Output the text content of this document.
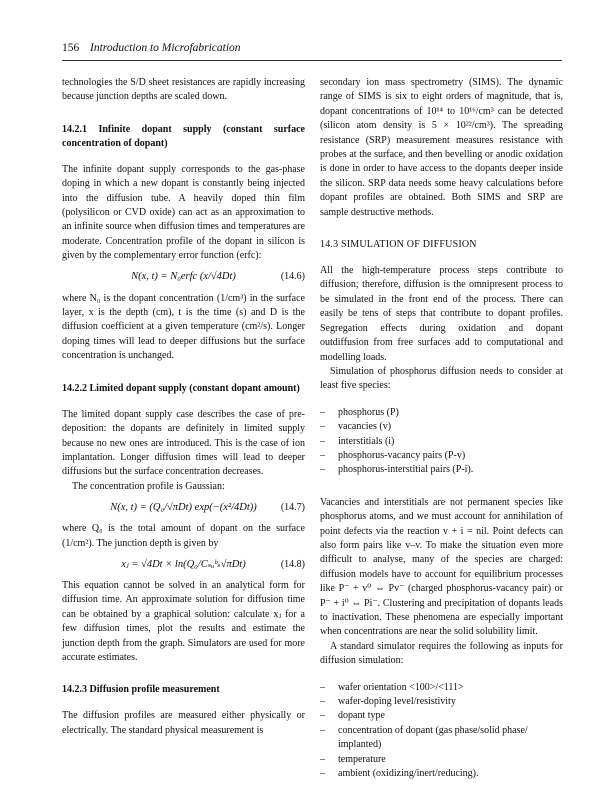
156 Introduction to Microfabrication

technologies the S/D sheet resistances are rapidly increasing because junction depths are scaled down.

14.2.1 Infinite dopant supply (constant surface concentration of dopant)

The infinite dopant supply corresponds to the gas-phase doping in which a new dopant is constantly being injected into the diffusion tube. A heavily doped thin film (polysilicon or CVD oxide) can act as an approximation to an infinite source when diffusion times and temperatures are moderate. Concentration profile of the dopant in silicon is given by the complementary error function (erfc):

N(x, t) = N₀erfc (x/√4Dt)	(14.6)

where N₀ is the dopant concentration (1/cm³) in the surface layer, x is the depth (cm), t is the time (s) and D is the diffusion coefficient at a given temperature (cm²/s). Longer doping times will lead to deeper diffusions but the surface concentration is unchanged.

14.2.2 Limited dopant supply (constant dopant amount)

The limited dopant supply case describes the case of pre-deposition: the dopants are definitely in limited supply because no new ones are introduced. This is the case of ion implantation. Longer diffusion times will lead to deeper diffusions but the surface concentration decreases.

The concentration profile is Gaussian:

N(x, t) = (Q₀/√πDt) exp(−(x²/4Dt)) (14.7)

where Q₀ is the total amount of dopant on the surface (1/cm²). The junction depth is given by

xⱼ = √4Dt × ln(Q₀/Cₛᵤᵇₛ√πDt)	(14.8)

This equation cannot be solved in an analytical form for diffusion time. An approximate solution for diffusion time can be obtained by a graphical solution: calculate xⱼ for a few diffusion times, plot the results and estimate the junction depth from the graph. Simulators are used for more accurate estimates.

14.2.3 Diffusion profile measurement

The diffusion profiles are measured either physically or electrically. The standard physical measurement is

secondary ion mass spectrometry (SIMS). The dynamic range of SIMS is six to eight orders of magnitude, that is, dopant concentrations of 10¹⁴ to 10¹⁶/cm³ can be detected (silicon atom density is 5 × 10²²/cm³). The spreading resistance (SRP) measurement measures resistance with probes at the surface, and then bevelling or anodic oxidation is done in order to have access to the dopants deeper inside the silicon. SRP data needs some heavy calculations before dopant profiles are obtained. Both SIMS and SRP are sample destructive methods.

14.3 SIMULATION OF DIFFUSION

All the high-temperature process steps contribute to diffusion; therefore, diffusion is the omnipresent process to be simulated in the front end of the process. There can easily be tens of steps that contribute to dopant profiles. Segregation effects during oxidation and dopant outdiffusion from free surfaces add to computational and modelling loads.

Simulation of phosphorus diffusion needs to consider at least five species:

– phosphorus (P)
– vacancies (v)
– interstitials (i)
– phosphorus-vacancy pairs (P-v)
– phosphorus-interstitial pairs (P-i).

Vacancies and interstitials are not permanent species like phosphorus atoms, and we must account for annihilation of point defects via the reaction v + i = nil. Point defects can also form pairs like v–v. To make the situation even more difficult to analyse, many of the species are charged: diffusion models have to account for equilibrium processes like P⁻ + v⁰ ⇔ Pv⁻ (charged phosphorus-vacancy pair) or P⁻ + i⁰ ⇔ Pi⁻. Clustering and precipitation of dopants leads to inactivation. These phenomena are especially important when concentrations are near the solid solubility limit.

A standard simulator requires the following as inputs for diffusion simulation:

– wafer orientation <100>/<111>
– wafer-doping level/resistivity
– dopant type
– concentration of dopant (gas phase/solid phase/ implanted)
– temperature
– ambient (oxidizing/inert/reducing).
